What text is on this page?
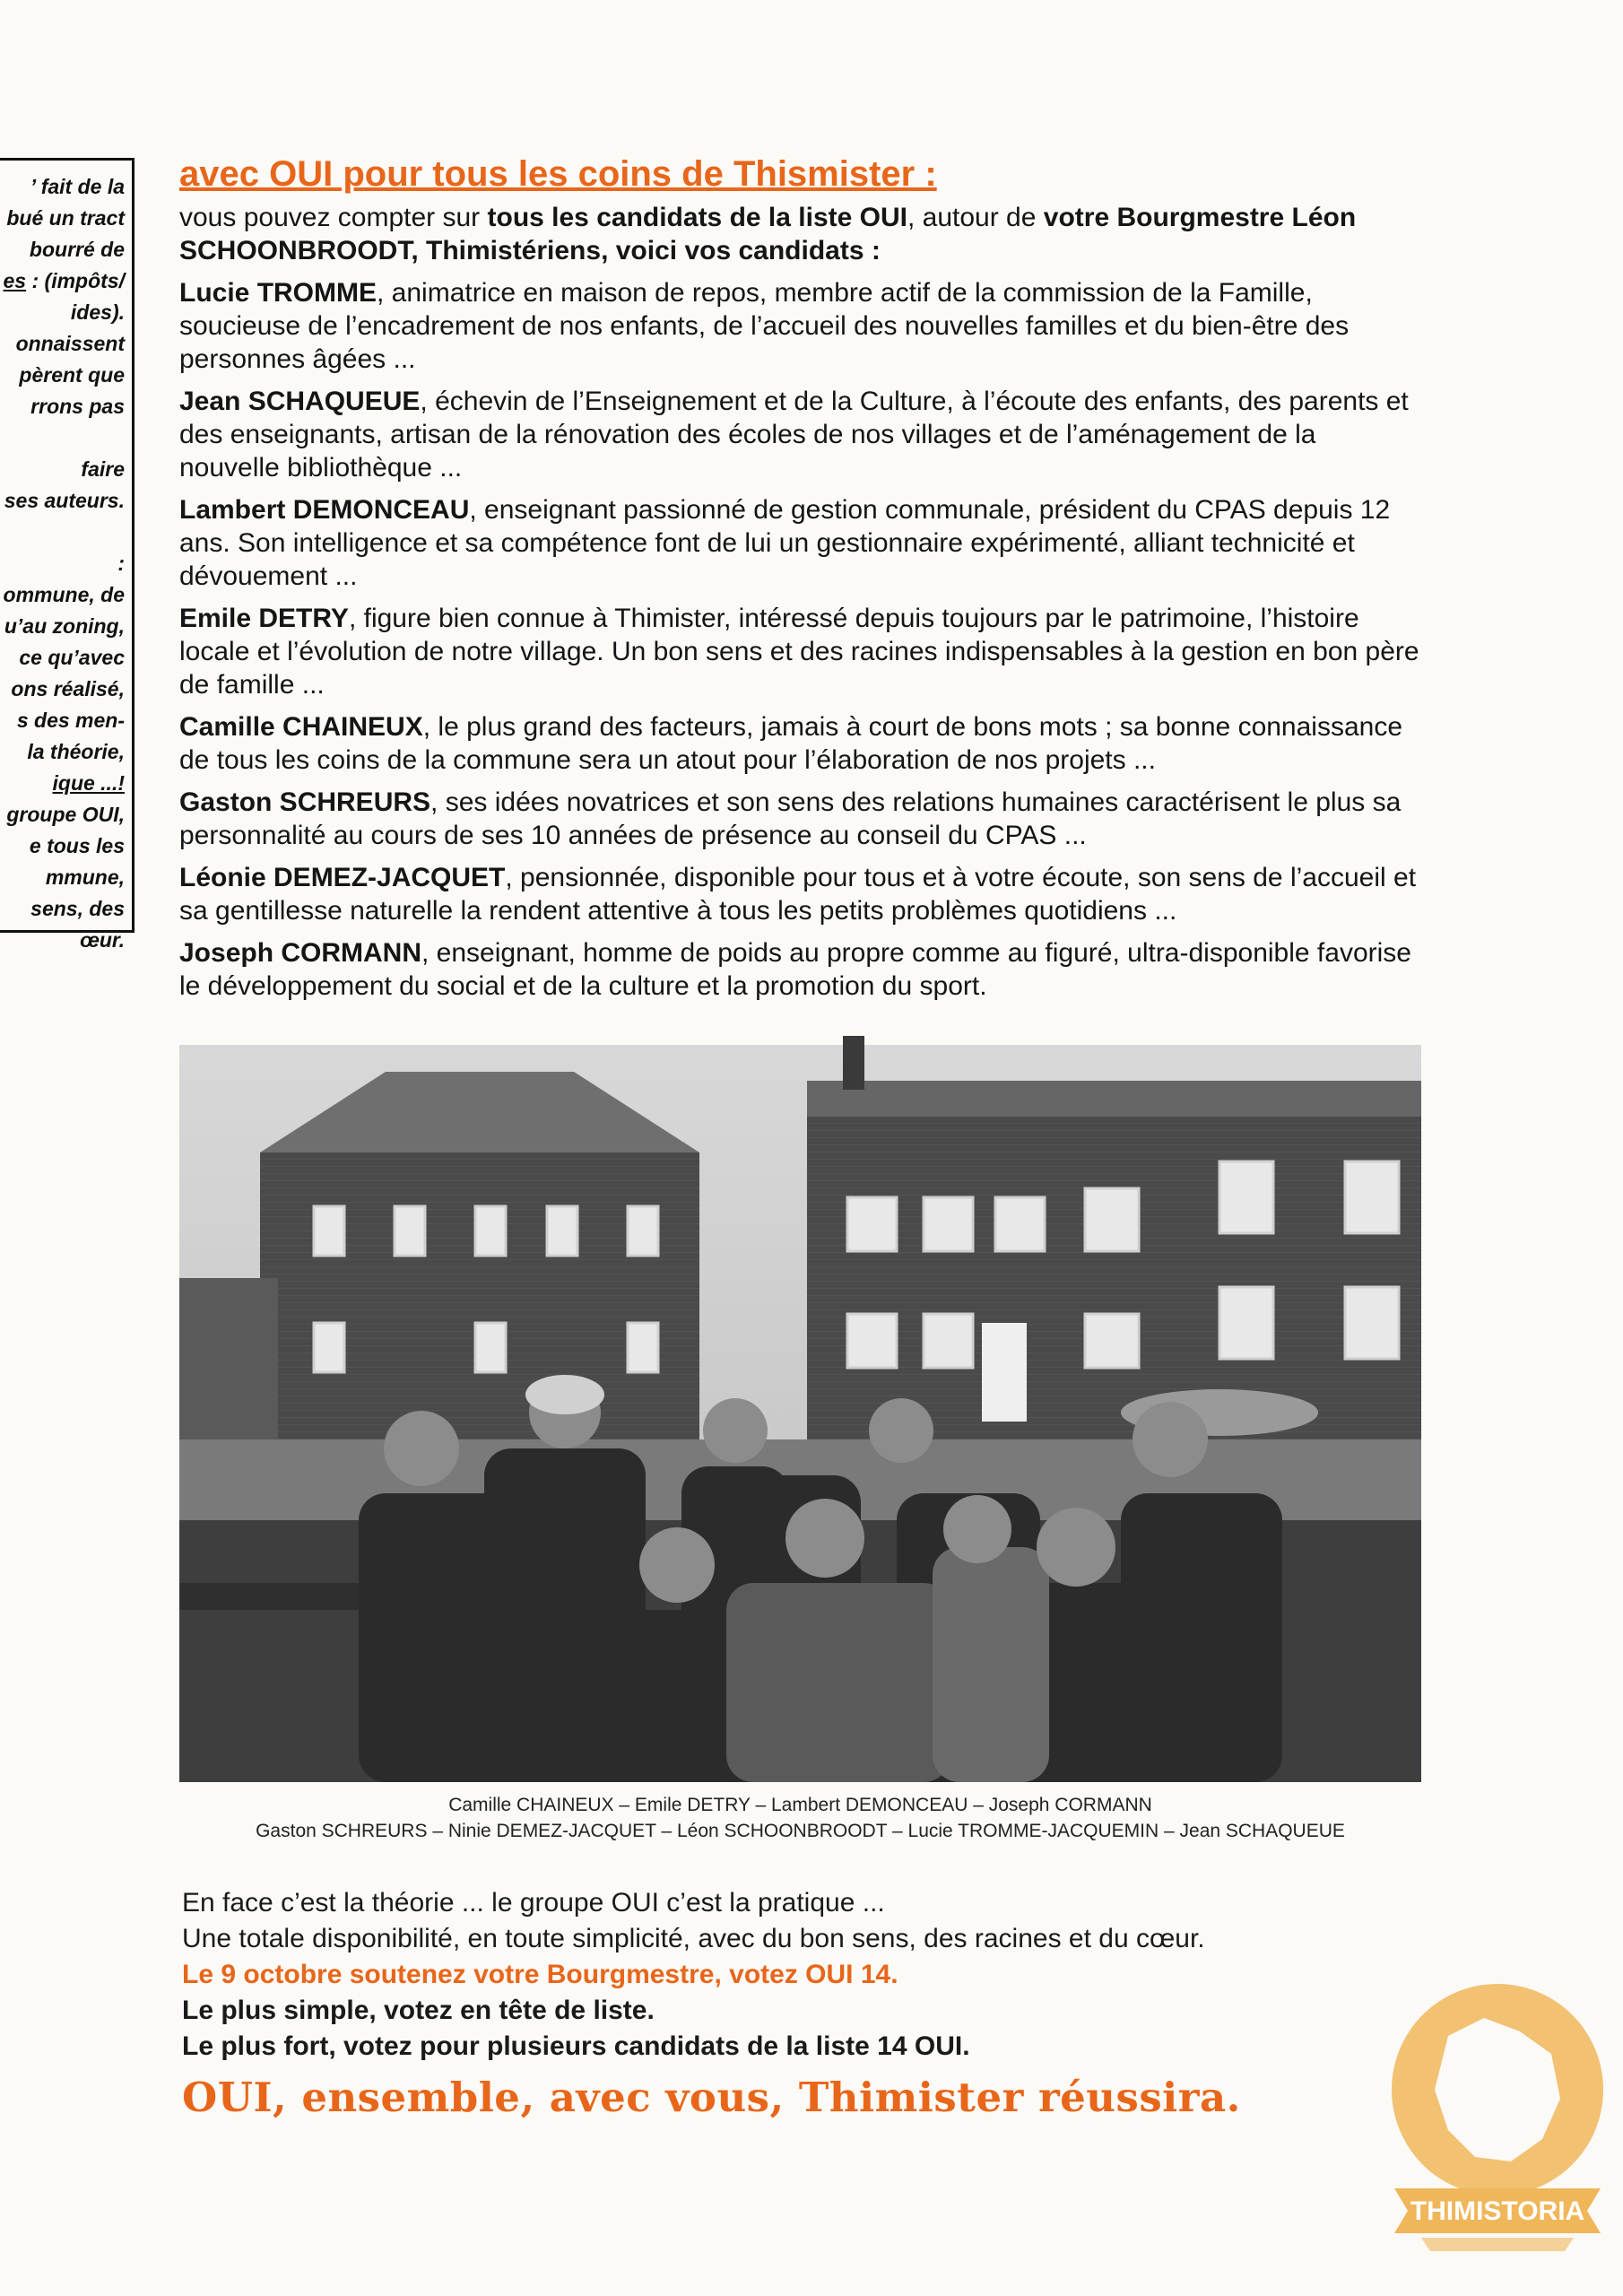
’ fait de la
bué un tract
bourré de
es : (impôts/
ides).
onnaissent
pèrent que
rrons pas
faire
ses auteurs.
:
ommune, de
u’au zoning,
ce qu’avec
ons réalisé,
s des men-
la théorie,
ique ...!
groupe OUI,
e tous les
mmune,
sens, des
œur.
avec OUI pour tous les coins de Thismister :

vous pouvez compter sur tous les candidats de la liste OUI, autour de votre Bourgmestre Léon SCHOONBROODT, Thimistériens, voici vos candidats :

Lucie TROMME, animatrice en maison de repos, membre actif de la commission de la Famille, soucieuse de l’encadrement de nos enfants, de l’accueil des nouvelles familles et du bien-être des personnes âgées ...

Jean SCHAQUEUE, échevin de l’Enseignement et de la Culture, à l’écoute des enfants, des parents et des enseignants, artisan de la rénovation des écoles de nos villages et de l’aménagement de la nouvelle bibliothèque ...

Lambert DEMONCEAU, enseignant passionné de gestion communale, président du CPAS depuis 12 ans. Son intelligence et sa compétence font de lui un gestionnaire expérimenté, alliant technicité et dévouement ...

Emile DETRY, figure bien connue à Thimister, intéressé depuis toujours par le patrimoine, l’histoire locale et l’évolution de notre village. Un bon sens et des racines indispensables à la gestion en bon père de famille ...

Camille CHAINEUX, le plus grand des facteurs, jamais à court de bons mots ; sa bonne connaissance de tous les coins de la commune sera un atout pour l’élaboration de nos projets ...

Gaston SCHREURS, ses idées novatrices et son sens des relations humaines caractérisent le plus sa personnalité au cours de ses 10 années de présence au conseil du CPAS ...

Léonie DEMEZ-JACQUET, pensionnée, disponible pour tous et à votre écoute, son sens de l’accueil et sa gentillesse naturelle la rendent attentive à tous les petits problèmes quotidiens ...

Joseph CORMANN, enseignant, homme de poids au propre comme au figuré, ultra-disponible favorise le développement du social et de la culture et la promotion du sport.

Camille CHAINEUX – Emile DETRY – Lambert DEMONCEAU – Joseph CORMANN
Gaston SCHREURS – Ninie DEMEZ-JACQUET – Léon SCHOONBROODT – Lucie TROMME-JACQUEMIN – Jean SCHAQUEUE
En face c’est la théorie ... le groupe OUI c’est la pratique ...
Une totale disponibilité, en toute simplicité, avec du bon sens, des racines et du cœur.
Le 9 octobre soutenez votre Bourgmestre, votez OUI 14.
Le plus simple, votez en tête de liste.
Le plus fort, votez pour plusieurs candidats de la liste 14 OUI.
OUI, ensemble, avec vous, Thimister réussira.
THIMISTORIA
